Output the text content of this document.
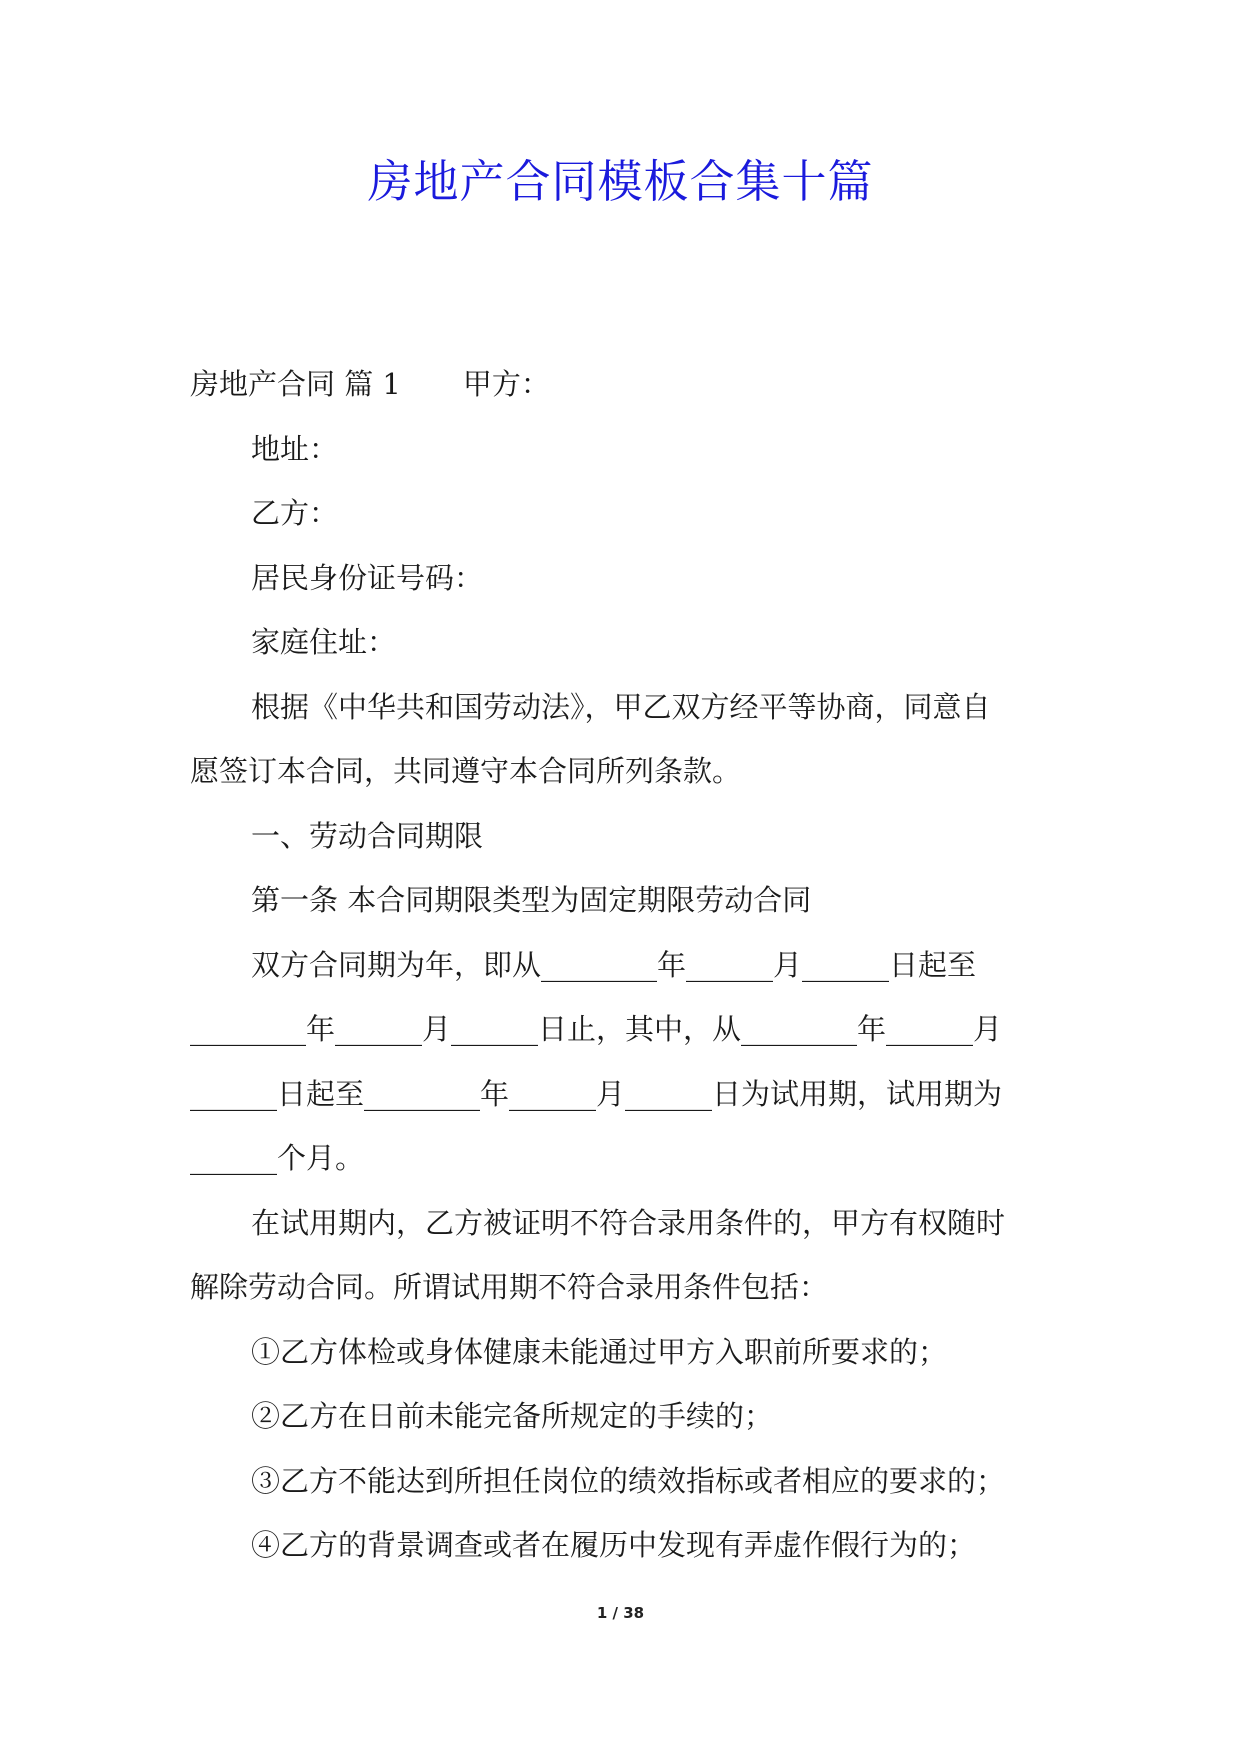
房地产合同模板合集十篇

房地产合同 篇 1 甲方：

地址：

乙方：

居民身份证号码：

家庭住址：

根据《中华共和国劳动法》，甲乙双方经平等协商，同意自

愿签订本合同，共同遵守本合同所列条款。

一、劳动合同期限

第一条 本合同期限类型为固定期限劳动合同

双方合同期为年，即从________年______月______日起至

________年______月______日止，其中，从________年______月

______日起至________年______月______日为试用期，试用期为

______个月。

在试用期内，乙方被证明不符合录用条件的，甲方有权随时

解除劳动合同。所谓试用期不符合录用条件包括：

①乙方体检或身体健康未能通过甲方入职前所要求的；

②乙方在日前未能完备所规定的手续的；

③乙方不能达到所担任岗位的绩效指标或者相应的要求的；

④乙方的背景调查或者在履历中发现有弄虚作假行为的；

1 / 38
